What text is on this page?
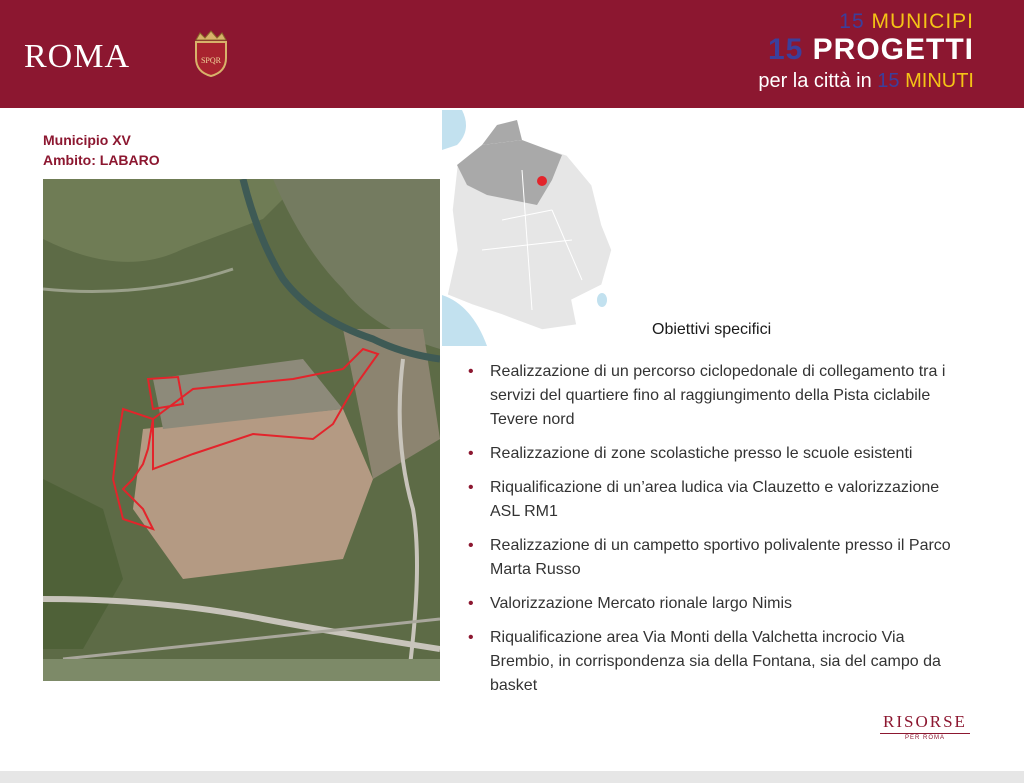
ROMA	SPQR
15 MUNICIPI
15 PROGETTI
per la città in 15 MINUTI
Municipio XV
Ambito: LABARO
Obiettivi specifici
• Realizzazione di un percorso ciclopedonale di collegamento tra i servizi del quartiere fino al raggiungimento della Pista ciclabile Tevere nord
• Realizzazione di zone scolastiche presso le scuole esistenti
• Riqualificazione di un’area ludica via Clauzetto e valorizzazione ASL RM1
• Realizzazione di un campetto sportivo polivalente presso il Parco Marta Russo
• Valorizzazione Mercato rionale largo Nimis
• Riqualificazione area Via Monti della Valchetta incrocio Via Brembio, in corrispondenza sia della Fontana, sia del campo da basket
RISORSE
PER ROMA
